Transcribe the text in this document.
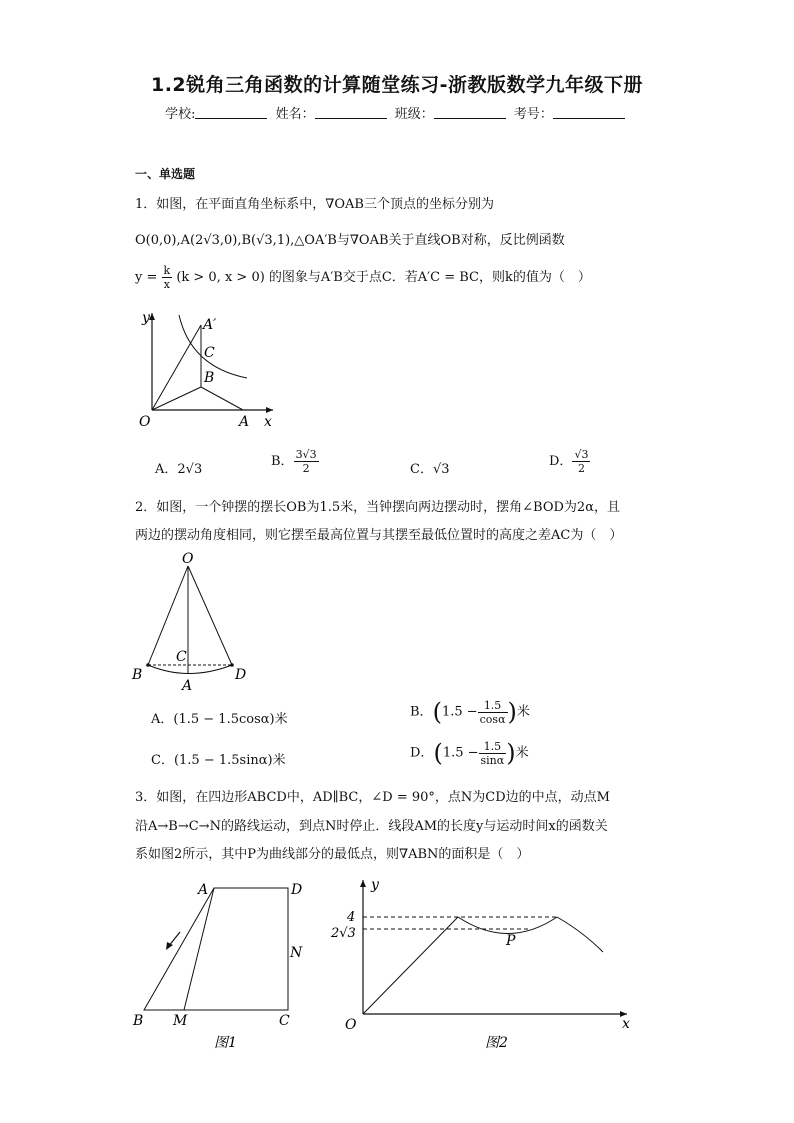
1.2锐角三角函数的计算随堂练习-浙教版数学九年级下册
学校:	姓名：	班级：	考号：
一、单选题
1．如图，在平面直角坐标系中，∇OAB三个顶点的坐标分别为
O(0,0),A(2√3,0),B(√3,1),△OA′B与∇OAB关于直线OB对称，反比例函数
$y = \frac{k}{x} (k > 0$, x > 0) 的图象与A′B交于点C．若A′C = BC，则k的值为（　）
y
x
O	A
B
C
A′
A．2√3
B． $\frac{3√3}{2}$	C．√3
D． $\frac{√3}{2}$
2．如图，一个钟摆的摆长OB为1.5米，当钟摆向两边摆动时，摆角∠BOD为2α，且
两边的摆动角度相同，则它摆至最高位置与其摆至最低位置时的高度之差AC为（　）
O
B
C
A
D
A．(1.5 − 1.5cosα)米	B．($1.5 - \frac{1.5}{\cos\alpha}$ )米
C．(1.5 − 1.5sinα)米	D．($1.5 - \frac{1.5}{\sin\alpha}$ )米
3．如图，在四边形ABCD中，AD∥BC，∠D = 90°，点N为CD边的中点，动点M
沿A→B→C→N的路线运动，到点N时停止．线段AM的长度y与运动时间x的函数关
系如图2所示，其中P为曲线部分的最低点，则∇ABN的面积是（　）
A	D
N
B M	C
图1
y
x
O
4
2√3	P
图2
